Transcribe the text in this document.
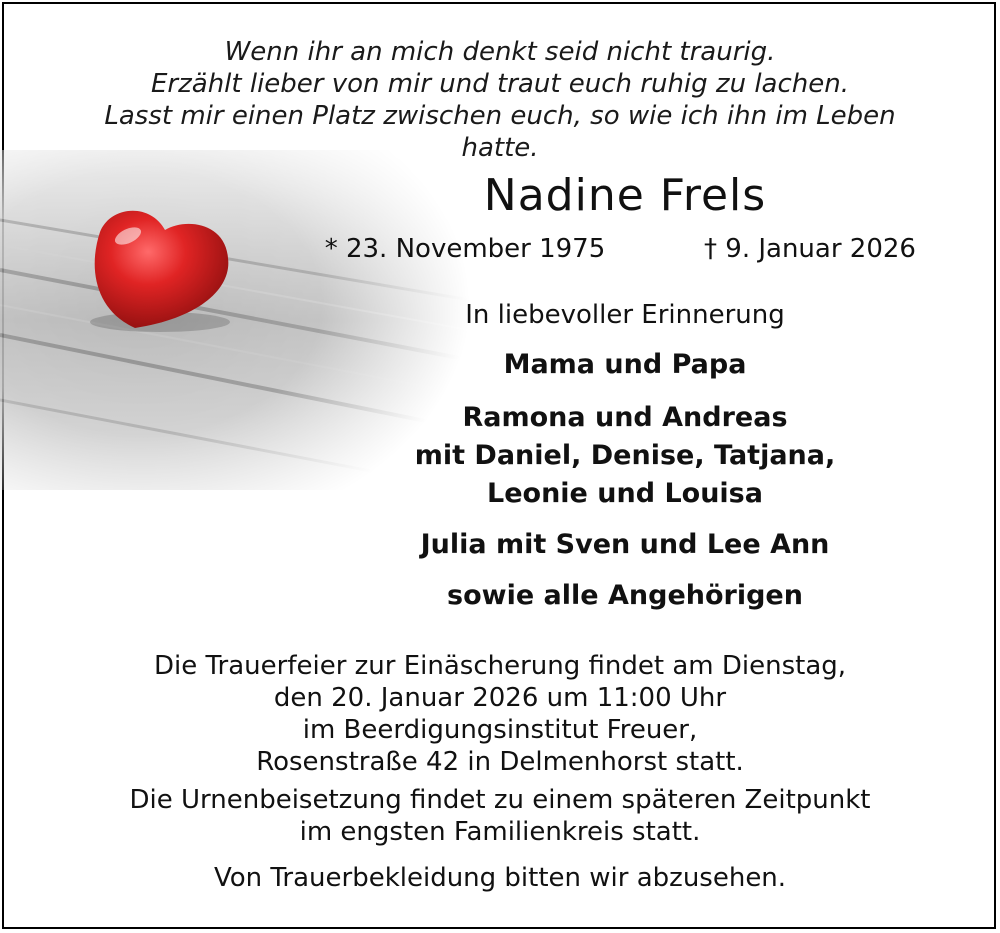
Wenn ihr an mich denkt seid nicht traurig.
Erzählt lieber von mir und traut euch ruhig zu lachen.
Lasst mir einen Platz zwischen euch, so wie ich ihn im Leben
hatte.
Nadine Frels
* 23. November 1975	† 9. Januar 2026
In liebevoller Erinnerung
Mama und Papa
Ramona und Andreas
mit Daniel, Denise, Tatjana,
Leonie und Louisa
Julia mit Sven und Lee Ann
sowie alle Angehörigen
Die Trauerfeier zur Einäscherung findet am Dienstag,
den 20. Januar 2026 um 11:00 Uhr
im Beerdigungsinstitut Freuer,
Rosenstraße 42 in Delmenhorst statt.
Die Urnenbeisetzung findet zu einem späteren Zeitpunkt
im engsten Familienkreis statt.
Von Trauerbekleidung bitten wir abzusehen.
